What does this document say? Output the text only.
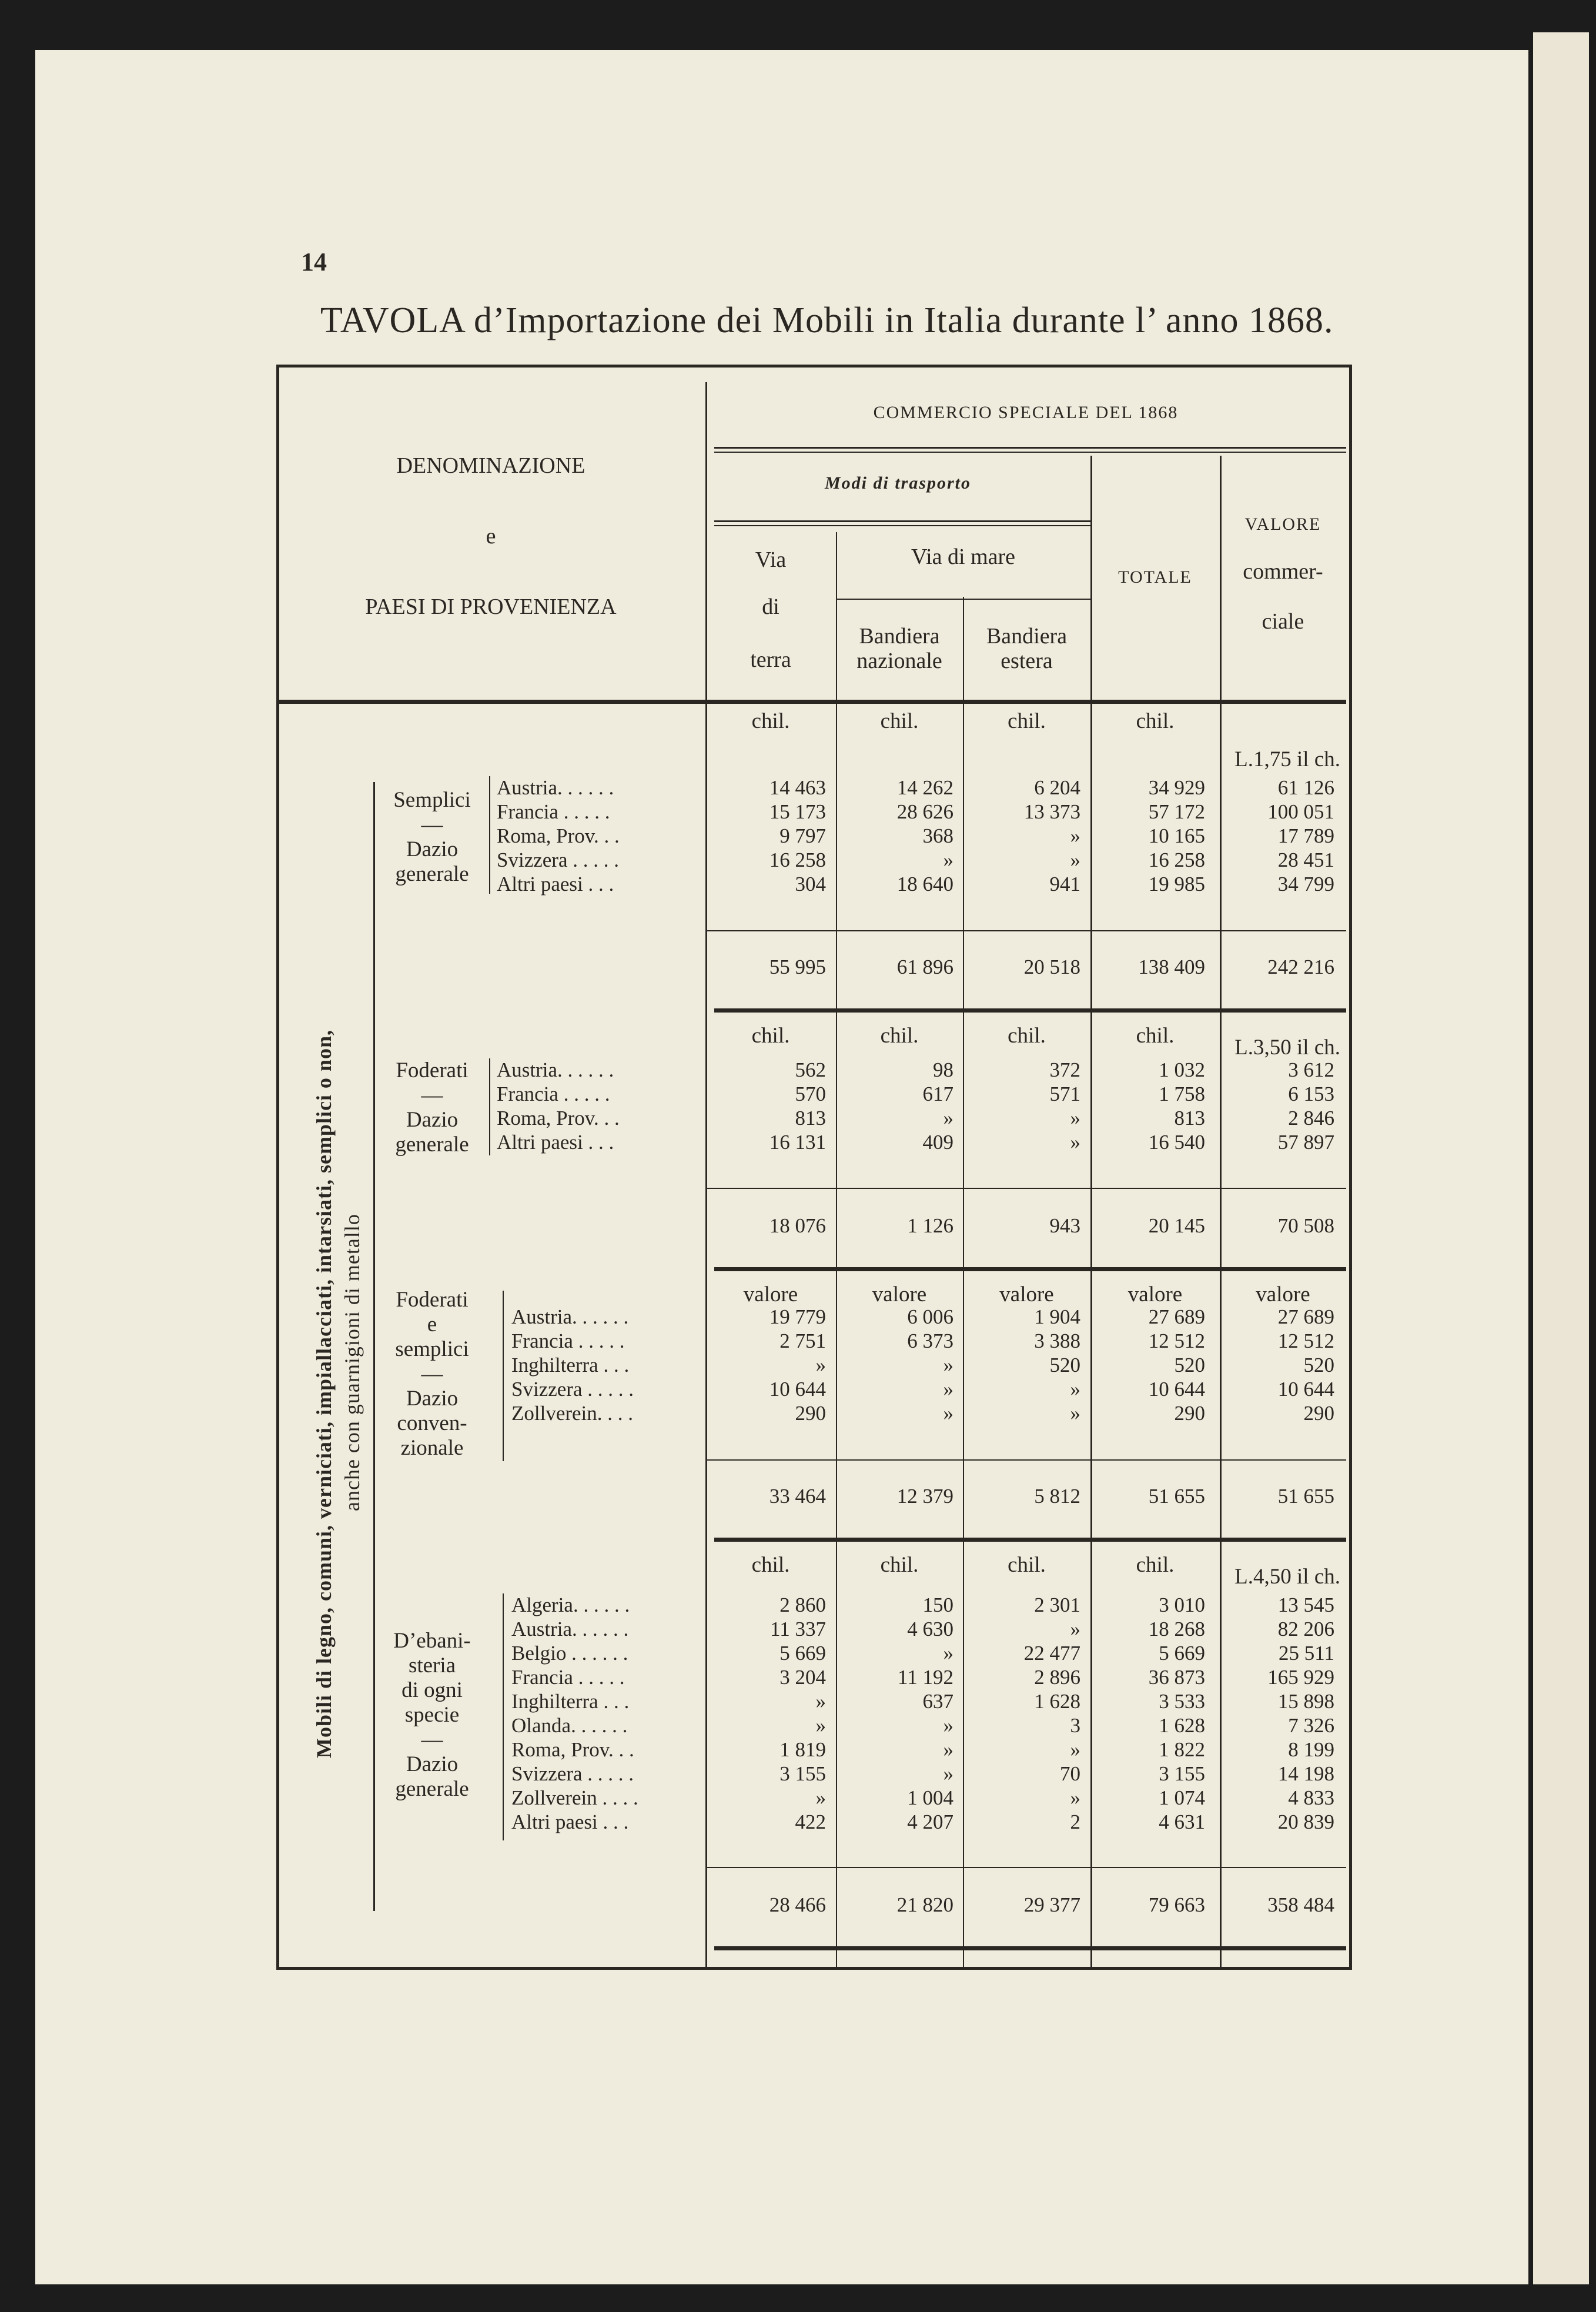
14
TAVOLA d’Importazione dei Mobili in Italia durante l’ anno 1868.
DENOMINAZIONE
e
PAESI DI PROVENIENZA
COMMERCIO SPECIALE DEL 1868
Modi di trasporto
Via
di
terra
Via di mare
Bandiera
nazionale
Bandiera
estera
TOTALE
VALORE
commer-
ciale
Mobili di legno, comuni, verniciati, impiallacciati, intarsiati, semplici o non, anche con guarnigioni di metallo
chil.	chil.	chil.	chil.
L.1,75 il ch.
Semplici
—
Dazio
generale
Austria. . . . . .	14 463	14 262	6 204	34 929	61 126
Francia . . . . .	15 173	28 626	13 373	57 172	100 051
Roma, Prov. . .	9 797	368	»	10 165	17 789
Svizzera . . . . .	16 258	»	»	16 258	28 451
Altri paesi . . .	304	18 640	941	19 985	34 799
55 995	61 896	20 518	138 409	242 216
chil.	chil.	chil.	chil.	L.3,50 il ch.
Foderati
—
Dazio
generale
Austria. . . . . .	562	98	372	1 032	3 612
Francia . . . . .	570	617	571	1 758	6 153
Roma, Prov. . .	813	»	»	813	2 846
Altri paesi . . .	16 131	409	»	16 540	57 897
18 076	1 126	943	20 145	70 508
valore	valore	valore	valore	valore
Foderati
e
semplici
—
Dazio
conven-
zionale
Austria. . . . . .	19 779	6 006	1 904	27 689	27 689
Francia . . . . .	2 751	6 373	3 388	12 512	12 512
Inghilterra . . .	»	»	520	520	520
Svizzera . . . . .	10 644	»	»	10 644	10 644
Zollverein. . . .	290	»	»	290	290
33 464	12 379	5 812	51 655	51 655
chil.	chil.	chil.	chil.	L.4,50 il ch.
D’ebani-
steria
di ogni
specie
—
Dazio
generale
Algeria. . . . . .	2 860	150	2 301	3 010	13 545
Austria. . . . . .	11 337	4 630	»	18 268	82 206
Belgio . . . . . .	5 669	»	22 477	5 669	25 511
Francia . . . . .	3 204	11 192	2 896	36 873	165 929
Inghilterra . . .	»	637	1 628	3 533	15 898
Olanda. . . . . .	»	»	3	1 628	7 326
Roma, Prov. . .	1 819	»	»	1 822	8 199
Svizzera . . . . .	3 155	»	70	3 155	14 198
Zollverein . . . .	»	1 004	»	1 074	4 833
Altri paesi . . .	422	4 207	2	4 631	20 839
28 466	21 820	29 377	79 663	358 484
